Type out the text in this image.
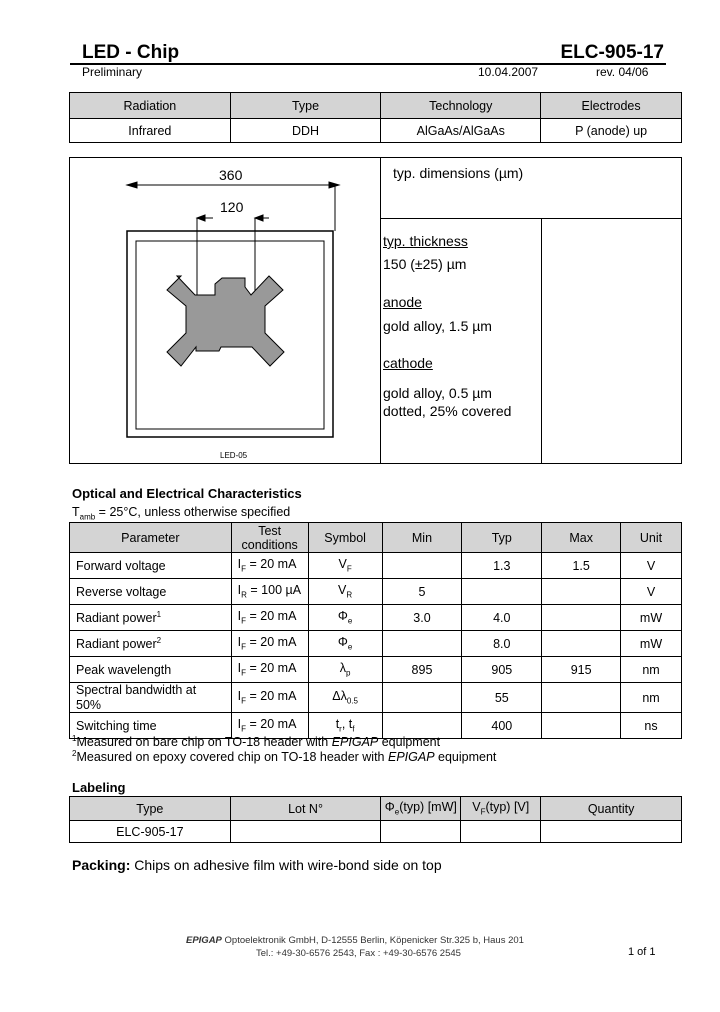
LED - Chip	ELC-905-17
Preliminary	10.04.2007	rev. 04/06
Radiation	Type	Technology	Electrodes
Infrared	DDH	AlGaAs/AlGaAs	P (anode) up
360
120
LED-05
typ. dimensions (µm)
typ. thickness
150 (±25) µm
anode
gold alloy, 1.5 µm
cathode
gold alloy, 0.5 µm
dotted, 25% covered
Optical and Electrical Characteristics
$T_{amb} = 25^\circ C$, unless otherwise specified
Parameter	Test conditions	Symbol	Min	Typ	Max	Unit
Forward voltage	$I_F = 20$ mA	$V_F$		1.3	1.5	V
Reverse voltage	$I_R = 100$ µA	$V_R$	5			V
Radiant power$^1$	$I_F = 20$ mA	$\Phi_e$	3.0	4.0		mW
Radiant power$^2$	$I_F = 20$ mA	$\Phi_e$		8.0		mW
Peak wavelength	$I_F = 20$ mA	$\lambda_p$	895	905	915	nm
Spectral bandwidth at 50%	$I_F = 20$ mA	$\Delta\lambda_{0.5}$		55		nm
Switching time	$I_F = 20$ mA	$t_r$, $t_f$		400		ns
$^1$Measured on bare chip on TO-18 header with EPIGAP equipment
$^2$Measured on epoxy covered chip on TO-18 header with EPIGAP equipment
Labeling
Type	Lot N°	$\Phi_e(typ)$ [mW]	$V_F(typ)$ [V]	Quantity
ELC-905-17				
Packing: Chips on adhesive film with wire-bond side on top
EPIGAP Optoelektronik GmbH, D-12555 Berlin, Köpenicker Str.325 b, Haus 201
Tel.: +49-30-6576 2543, Fax : +49-30-6576 2545	1 of 1
